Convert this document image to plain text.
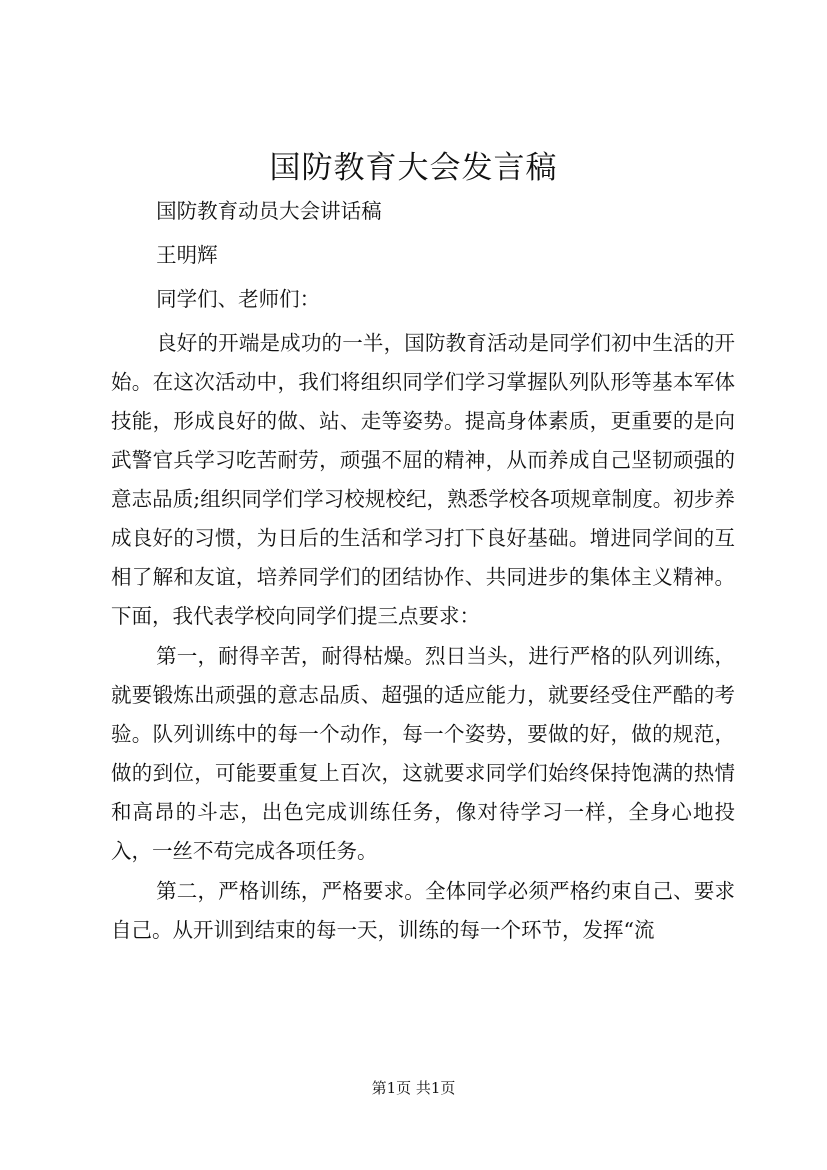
国防教育大会发言稿

国防教育动员大会讲话稿

王明辉

同学们、老师们：

良好的开端是成功的一半，国防教育活动是同学们初中生活的开始。在这次活动中，我们将组织同学们学习掌握队列队形等基本军体技能，形成良好的做、站、走等姿势。提高身体素质，更重要的是向武警官兵学习吃苦耐劳，顽强不屈的精神，从而养成自己坚韧顽强的意志品质;组织同学们学习校规校纪，熟悉学校各项规章制度。初步养成良好的习惯，为日后的生活和学习打下良好基础。增进同学间的互相了解和友谊，培养同学们的团结协作、共同进步的集体主义精神。下面，我代表学校向同学们提三点要求：

第一，耐得辛苦，耐得枯燥。烈日当头，进行严格的队列训练，就要锻炼出顽强的意志品质、超强的适应能力，就要经受住严酷的考验。队列训练中的每一个动作，每一个姿势，要做的好，做的规范，做的到位，可能要重复上百次，这就要求同学们始终保持饱满的热情和高昂的斗志，出色完成训练任务，像对待学习一样，全身心地投入，一丝不苟完成各项任务。

第二，严格训练，严格要求。全体同学必须严格约束自己、要求自己。从开训到结束的每一天，训练的每一个环节，发挥“流

第1页 共1页
